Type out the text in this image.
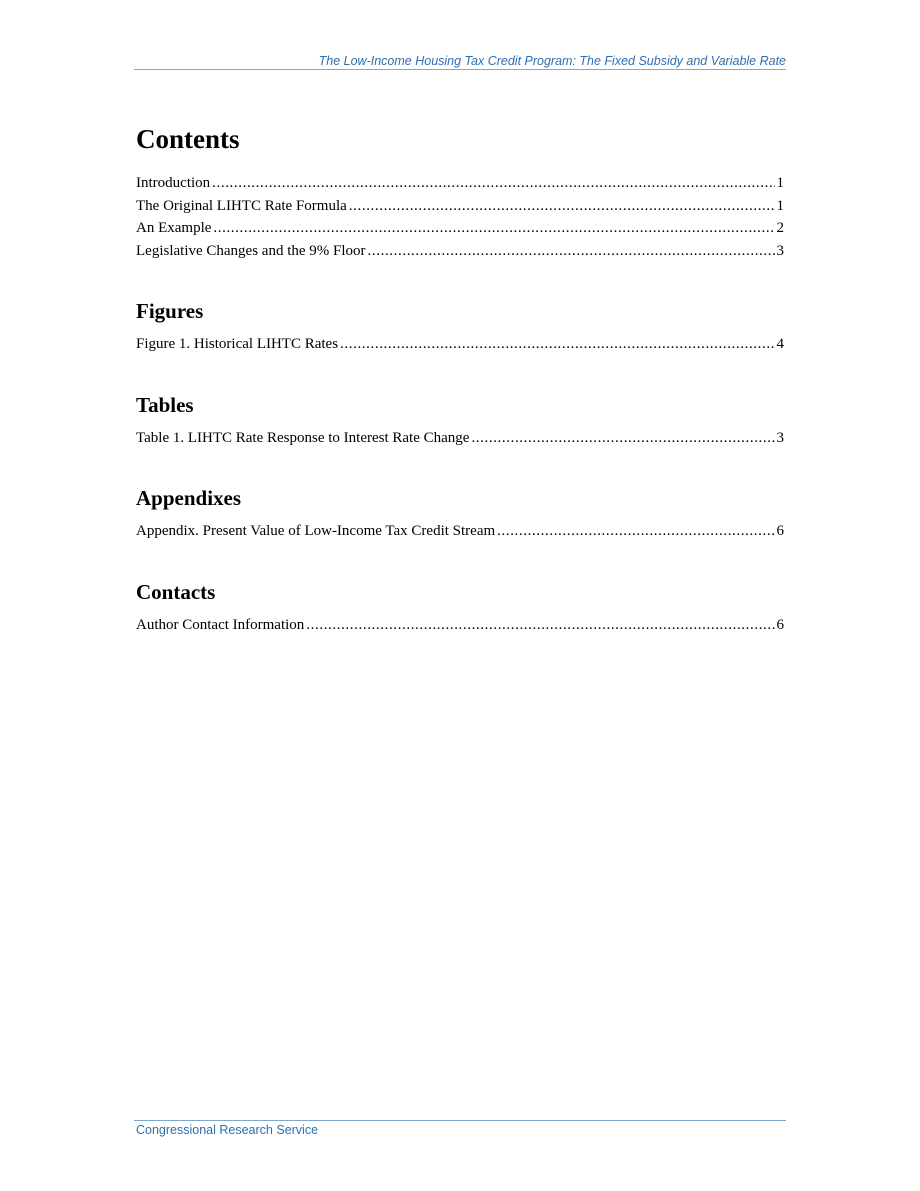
The Low-Income Housing Tax Credit Program: The Fixed Subsidy and Variable Rate
Contents
Introduction .....	1
The Original LIHTC Rate Formula .....	1
An Example .....	2
Legislative Changes and the 9% Floor .....	3
Figures
Figure 1. Historical LIHTC Rates .....	4
Tables
Table 1. LIHTC Rate Response to Interest Rate Change .....	3
Appendixes
Appendix. Present Value of Low-Income Tax Credit Stream .....	6
Contacts
Author Contact Information .....	6
Congressional Research Service
